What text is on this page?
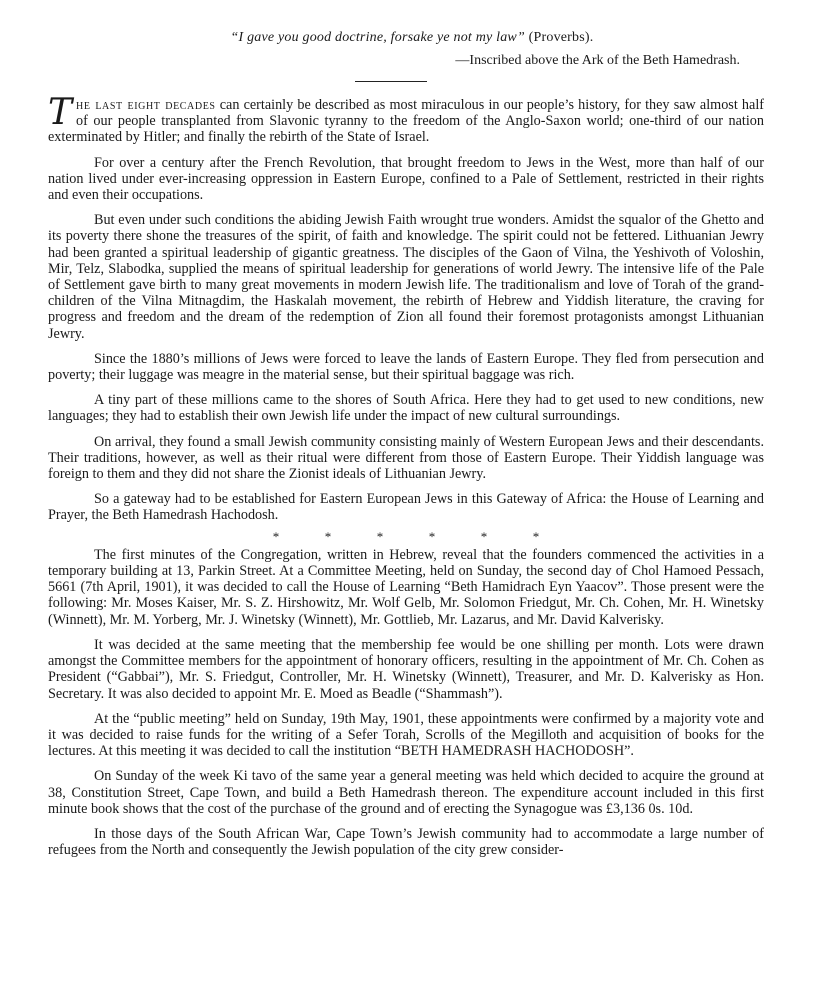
“I gave you good doctrine, forsake ye not my law” (Proverbs).
—Inscribed above the Ark of the Beth Hamedrash.

The last eight decades can certainly be described as most miraculous in our people’s history, for they saw almost half of our people transplanted from Slavonic tyranny to the freedom of the Anglo-Saxon world; one-third of our nation exterminated by Hitler; and finally the rebirth of the State of Israel.

For over a century after the French Revolution, that brought freedom to Jews in the West, more than half of our nation lived under ever-increasing oppression in Eastern Europe, confined to a Pale of Settlement, restricted in their rights and even their occupations.

But even under such conditions the abiding Jewish Faith wrought true wonders. Amidst the squalor of the Ghetto and its poverty there shone the treasures of the spirit, of faith and knowledge. The spirit could not be fettered. Lithuanian Jewry had been granted a spiritual leadership of gigantic greatness. The disciples of the Gaon of Vilna, the Yeshivoth of Voloshin, Mir, Telz, Slabodka, supplied the means of spiritual leadership for generations of world Jewry. The intensive life of the Pale of Settlement gave birth to many great movements in modern Jewish life. The traditionalism and love of Torah of the grand-children of the Vilna Mitnagdim, the Haskalah movement, the rebirth of Hebrew and Yiddish literature, the craving for progress and freedom and the dream of the redemption of Zion all found their foremost protagonists amongst Lithuanian Jewry.

Since the 1880’s millions of Jews were forced to leave the lands of Eastern Europe. They fled from persecution and poverty; their luggage was meagre in the material sense, but their spiritual baggage was rich.

A tiny part of these millions came to the shores of South Africa. Here they had to get used to new conditions, new languages; they had to establish their own Jewish life under the impact of new cultural surroundings.

On arrival, they found a small Jewish community consisting mainly of Western European Jews and their descendants. Their traditions, however, as well as their ritual were different from those of Eastern Europe. Their Yiddish language was foreign to them and they did not share the Zionist ideals of Lithuanian Jewry.

So a gateway had to be established for Eastern European Jews in this Gateway of Africa: the House of Learning and Prayer, the Beth Hamedrash Hachodosh.

*	*	*	*	*	*

The first minutes of the Congregation, written in Hebrew, reveal that the founders commenced the activities in a temporary building at 13, Parkin Street. At a Committee Meeting, held on Sunday, the second day of Chol Hamoed Pessach, 5661 (7th April, 1901), it was decided to call the House of Learning “Beth Hamidrach Eyn Yaacov”. Those present were the following: Mr. Moses Kaiser, Mr. S. Z. Hirshowitz, Mr. Wolf Gelb, Mr. Solomon Friedgut, Mr. Ch. Cohen, Mr. H. Winetsky (Winnett), Mr. M. Yorberg, Mr. J. Winetsky (Winnett), Mr. Gottlieb, Mr. Lazarus, and Mr. David Kalverisky.

It was decided at the same meeting that the membership fee would be one shilling per month. Lots were drawn amongst the Committee members for the appointment of honorary officers, resulting in the appointment of Mr. Ch. Cohen as President (“Gabbai”), Mr. S. Friedgut, Controller, Mr. H. Winetsky (Winnett), Treasurer, and Mr. D. Kalverisky as Hon. Secretary. It was also decided to appoint Mr. E. Moed as Beadle (“Shammash”).

At the “public meeting” held on Sunday, 19th May, 1901, these appointments were confirmed by a majority vote and it was decided to raise funds for the writing of a Sefer Torah, Scrolls of the Megilloth and acquisition of books for the lectures. At this meeting it was decided to call the institution “BETH HAMEDRASH HACHODOSH”.

On Sunday of the week Ki tavo of the same year a general meeting was held which decided to acquire the ground at 38, Constitution Street, Cape Town, and build a Beth Hamedrash thereon. The expenditure account included in this first minute book shows that the cost of the purchase of the ground and of erecting the Synagogue was £3,136 0s. 10d.

In those days of the South African War, Cape Town’s Jewish community had to accommodate a large number of refugees from the North and consequently the Jewish population of the city grew consider-
